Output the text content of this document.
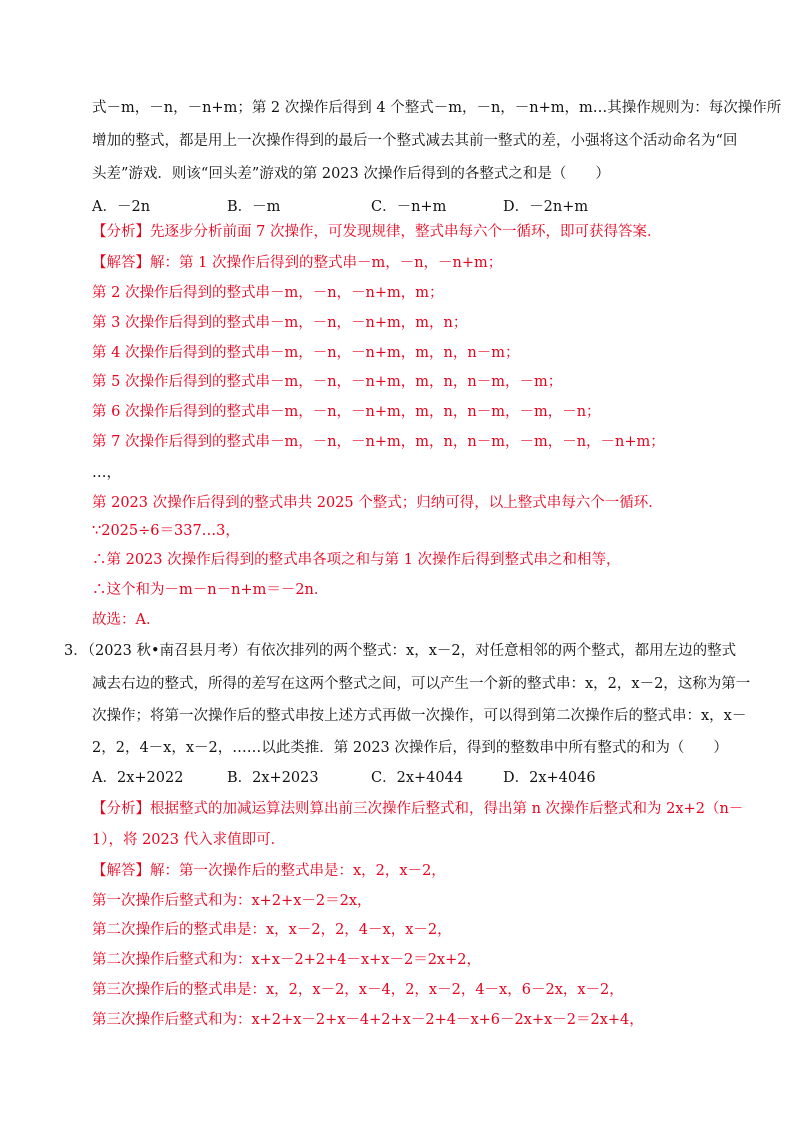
式－m，－n，－n+m；第 2 次操作后得到 4 个整式－m，－n，－n+m，m…其操作规则为：每次操作所
增加的整式，都是用上一次操作得到的最后一个整式减去其前一整式的差，小强将这个活动命名为“回
头差”游戏．则该“回头差”游戏的第 2023 次操作后得到的各整式之和是（　　）
A．－2n	B．－m	C．－n+m	D．－2n+m
【分析】先逐步分析前面 7 次操作，可发现规律，整式串每六个一循环，即可获得答案．
【解答】解：第 1 次操作后得到的整式串－m，－n，－n+m；
第 2 次操作后得到的整式串－m，－n，－n+m，m；
第 3 次操作后得到的整式串－m，－n，－n+m，m，n；
第 4 次操作后得到的整式串－m，－n，－n+m，m，n，n－m；
第 5 次操作后得到的整式串－m，－n，－n+m，m，n，n－m，－m；
第 6 次操作后得到的整式串－m，－n，－n+m，m，n，n－m，－m，－n；
第 7 次操作后得到的整式串－m，－n，－n+m，m，n，n－m，－m，－n，－n+m；
…，
第 2023 次操作后得到的整式串共 2025 个整式；归纳可得，以上整式串每六个一循环．
∵2025÷6＝337…3，
∴第 2023 次操作后得到的整式串各项之和与第 1 次操作后得到整式串之和相等，
∴这个和为－m－n－n+m＝－2n．
故选：A．
3．（2023 秋•南召县月考）有依次排列的两个整式：x，x－2，对任意相邻的两个整式，都用左边的整式
减去右边的整式，所得的差写在这两个整式之间，可以产生一个新的整式串：x，2，x－2，这称为第一
次操作；将第一次操作后的整式串按上述方式再做一次操作，可以得到第二次操作后的整式串：x，x－
2，2，4－x，x－2，……以此类推．第 2023 次操作后，得到的整数串中所有整式的和为（　　）
A．2x+2022	B．2x+2023	C．2x+4044	D．2x+4046
【分析】根据整式的加减运算法则算出前三次操作后整式和，得出第 n 次操作后整式和为 2x+2（n－
1），将 2023 代入求值即可．
【解答】解：第一次操作后的整式串是：x，2，x－2，
第一次操作后整式和为：x+2+x－2＝2x，
第二次操作后的整式串是：x，x－2，2，4－x，x－2，
第二次操作后整式和为：x+x－2+2+4－x+x－2＝2x+2，
第三次操作后的整式串是：x，2，x－2，x－4，2，x－2，4－x，6－2x，x－2，
第三次操作后整式和为：x+2+x－2+x－4+2+x－2+4－x+6－2x+x－2＝2x+4，
